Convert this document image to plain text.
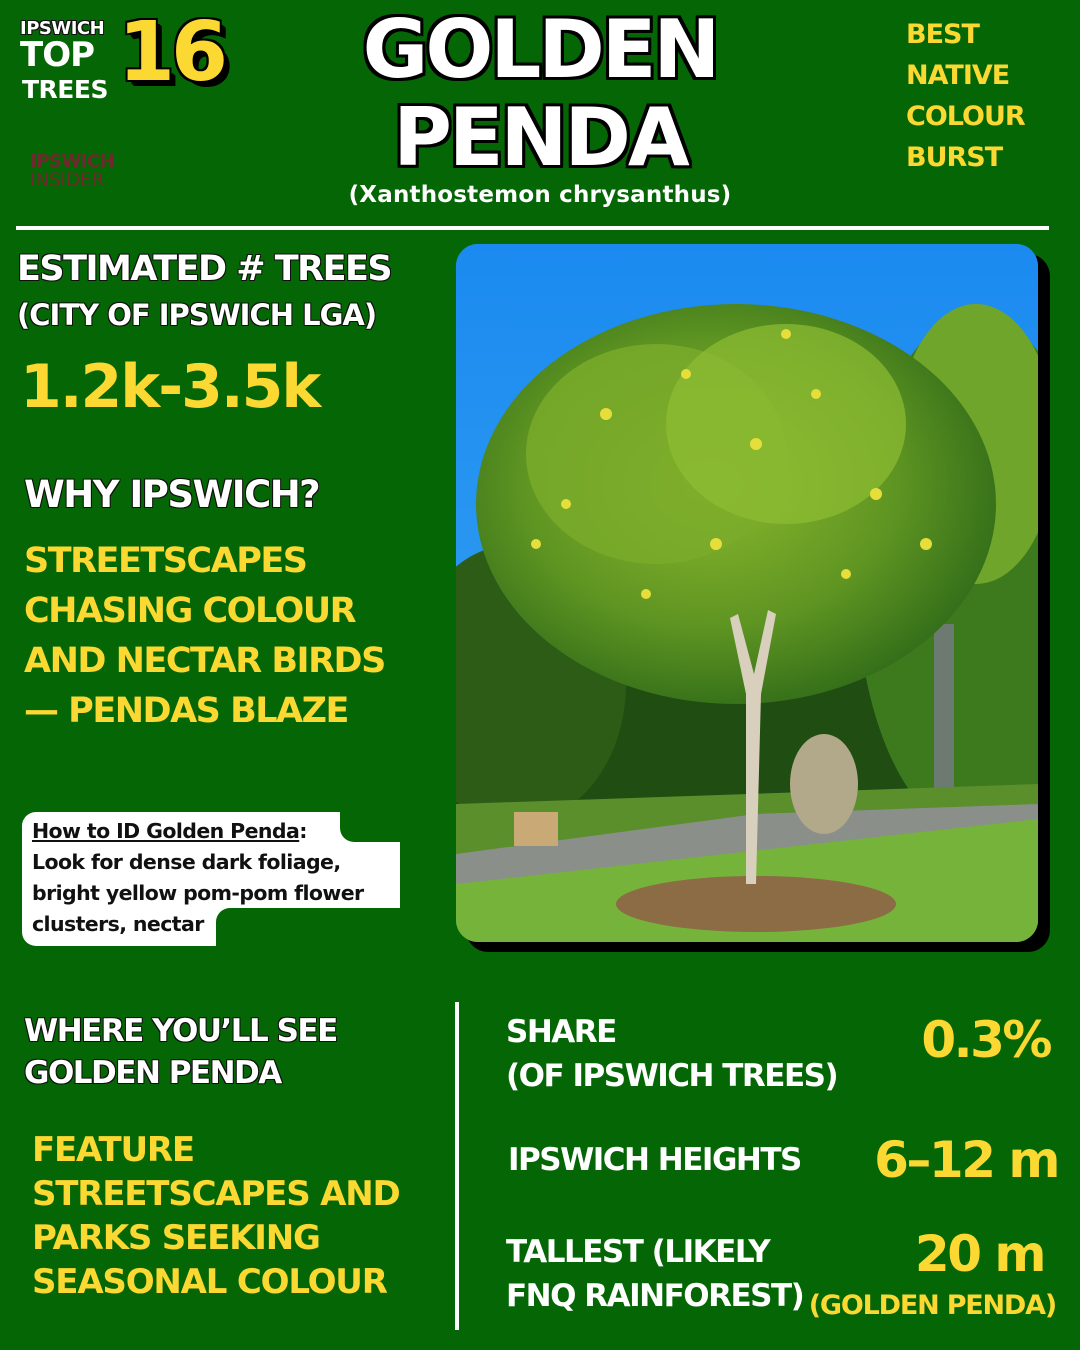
IPSWICH
TOP
TREES 16
IPSWICH
INSIDER
GOLDEN
PENDA
(Xanthostemon chrysanthus)
BEST
NATIVE
COLOUR
BURST
ESTIMATED # TREES
(CITY OF IPSWICH LGA)
1.2k-3.5k
WHY IPSWICH?
STREETSCAPES
CHASING COLOUR
AND NECTAR BIRDS
— PENDAS BLAZE
How to ID Golden Penda:
Look for dense dark foliage,
bright yellow pom-pom flower
clusters, nectar
WHERE YOU’LL SEE
GOLDEN PENDA
FEATURE
STREETSCAPES AND
PARKS SEEKING
SEASONAL COLOUR
SHARE
(OF IPSWICH TREES)
0.3%
IPSWICH HEIGHTS 6–12 m
TALLEST (LIKELY
FNQ RAINFOREST)
20 m
(GOLDEN PENDA)
